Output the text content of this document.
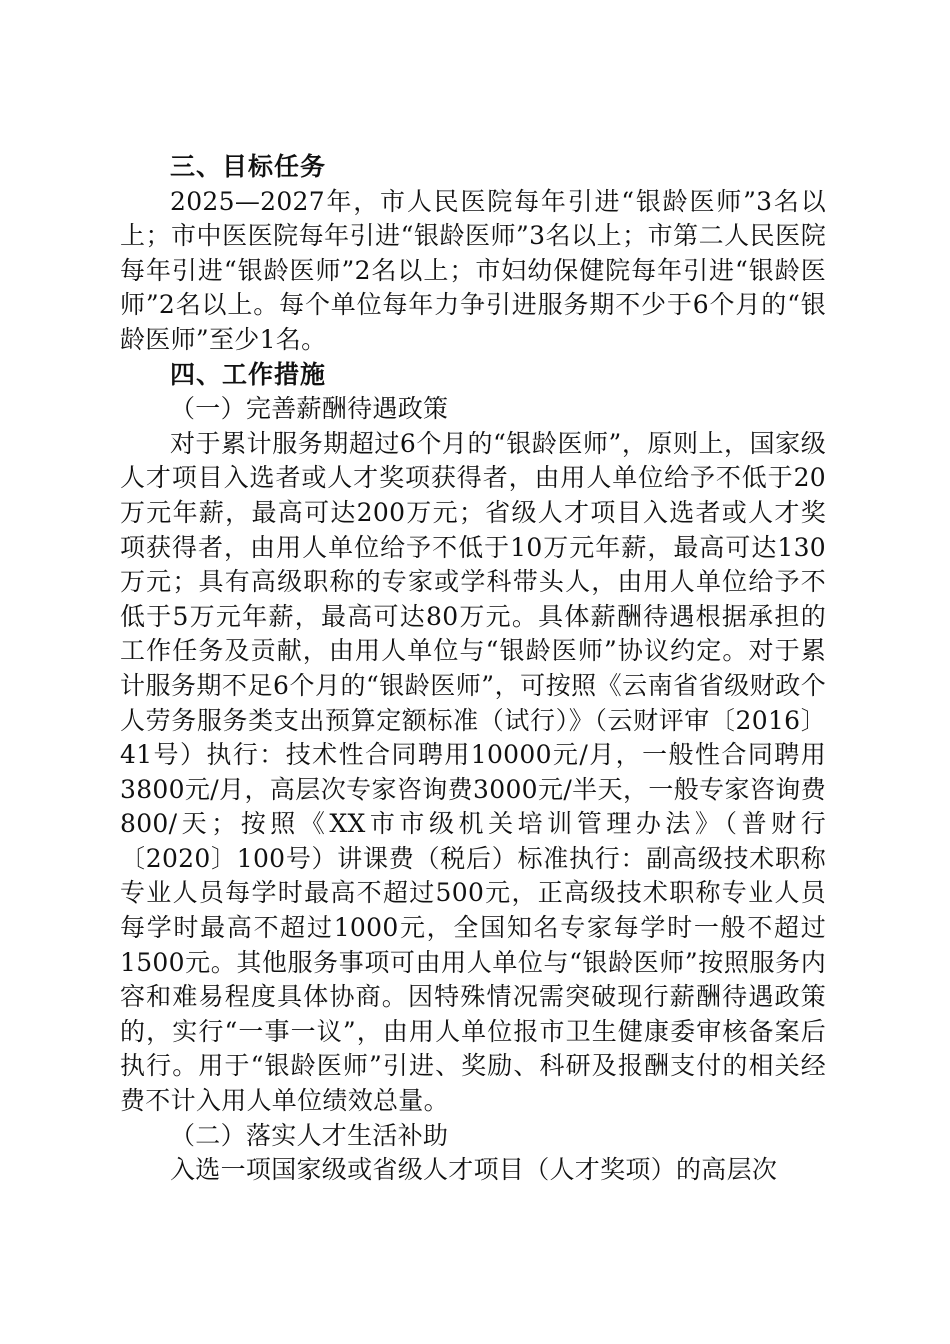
三、目标任务

2025—2027年，市人民医院每年引进“银龄医师”3名以上；市中医医院每年引进“银龄医师”3名以上；市第二人民医院每年引进“银龄医师”2名以上；市妇幼保健院每年引进“银龄医师”2名以上。每个单位每年力争引进服务期不少于6个月的“银龄医师”至少1名。

四、工作措施

（一）完善薪酬待遇政策

对于累计服务期超过6个月的“银龄医师”，原则上，国家级人才项目入选者或人才奖项获得者，由用人单位给予不低于20万元年薪，最高可达200万元；省级人才项目入选者或人才奖项获得者，由用人单位给予不低于10万元年薪，最高可达130万元；具有高级职称的专家或学科带头人，由用人单位给予不低于5万元年薪，最高可达80万元。具体薪酬待遇根据承担的工作任务及贡献，由用人单位与“银龄医师”协议约定。对于累计服务期不足6个月的“银龄医师”，可按照《云南省省级财政个人劳务服务类支出预算定额标准（试行）》（云财评审〔2016〕41号）执行：技术性合同聘用10000元/月，一般性合同聘用3800元/月，高层次专家咨询费3000元/半天，一般专家咨询费800/天；按照《XX市市级机关培训管理办法》（普财行〔2020〕100号）讲课费（税后）标准执行：副高级技术职称专业人员每学时最高不超过500元，正高级技术职称专业人员每学时最高不超过1000元，全国知名专家每学时一般不超过1500元。其他服务事项可由用人单位与“银龄医师”按照服务内容和难易程度具体协商。因特殊情况需突破现行薪酬待遇政策的，实行“一事一议”，由用人单位报市卫生健康委审核备案后执行。用于“银龄医师”引进、奖励、科研及报酬支付的相关经费不计入用人单位绩效总量。

（二）落实人才生活补助

入选一项国家级或省级人才项目（人才奖项）的高层次
